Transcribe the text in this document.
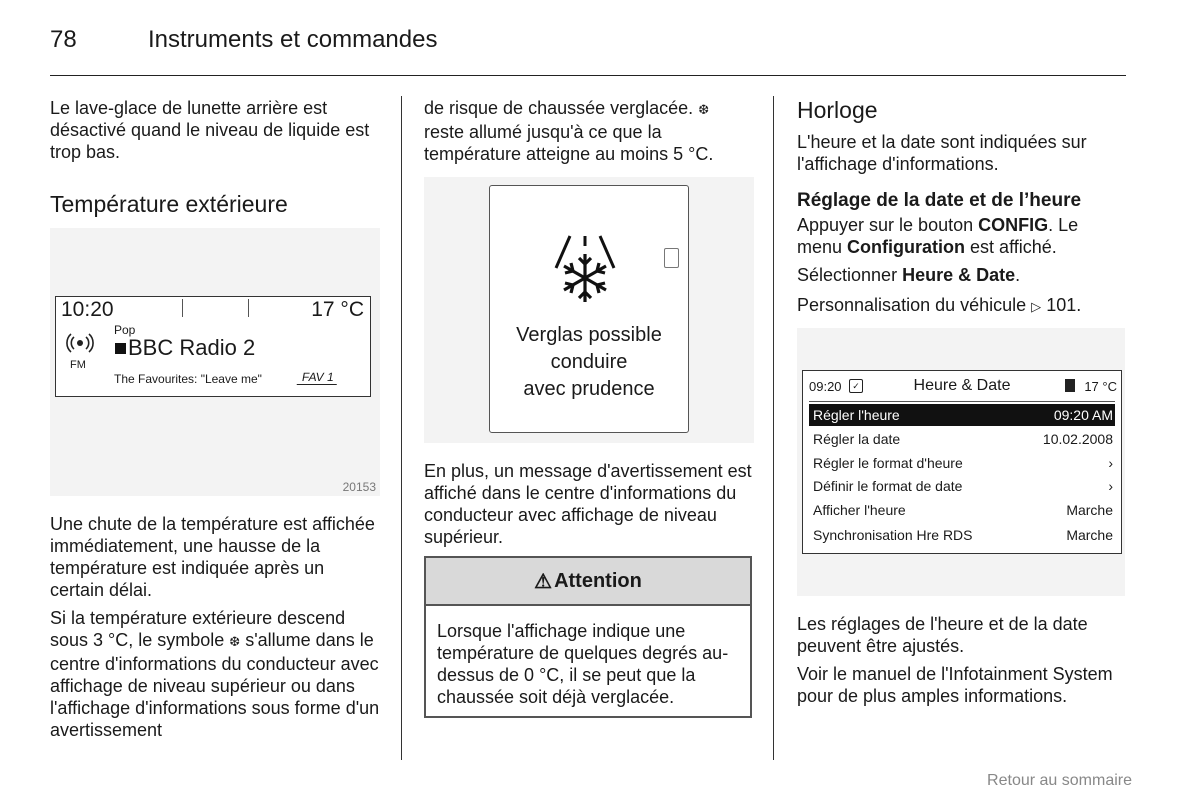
78	Instruments et commandes
Le lave-glace de lunette arrière est désactivé quand le niveau de liquide est trop bas.
Température extérieure
10:20	17 °C
FM
Pop
BBC Radio 2
The Favourites: "Leave me"	FAV 1
20153
Une chute de la température est affichée immédiatement, une hausse de la température est indiquée après un certain délai.
Si la température extérieure descend sous 3 °C, le symbole ❆ s'allume dans le centre d'informations du conducteur avec affichage de niveau supérieur ou dans l'affichage d'informations sous forme d'un avertissement
de risque de chaussée verglacée. ❆ reste allumé jusqu'à ce que la température atteigne au moins 5 °C.
Verglas possible
conduire
avec prudence
En plus, un message d'avertissement est affiché dans le centre d'informations du conducteur avec affichage de niveau supérieur.
⚠ Attention
Lorsque l'affichage indique une température de quelques degrés au-dessus de 0 °C, il se peut que la chaussée soit déjà verglacée.
Horloge
L'heure et la date sont indiquées sur l'affichage d'informations.
Réglage de la date et de l’heure
Appuyer sur le bouton CONFIG. Le menu Configuration est affiché.
Sélectionner Heure & Date.
Personnalisation du véhicule ▷ 101.
09:20	✓	Heure & Date	17 °C
Régler l'heure	09:20 AM
Régler la date	10.02.2008
Régler le format d'heure	›
Définir le format de date	›
Afficher l'heure	Marche
Synchronisation Hre RDS	Marche
Les réglages de l'heure et de la date peuvent être ajustés.
Voir le manuel de l'Infotainment System pour de plus amples informations.
Retour au sommaire
